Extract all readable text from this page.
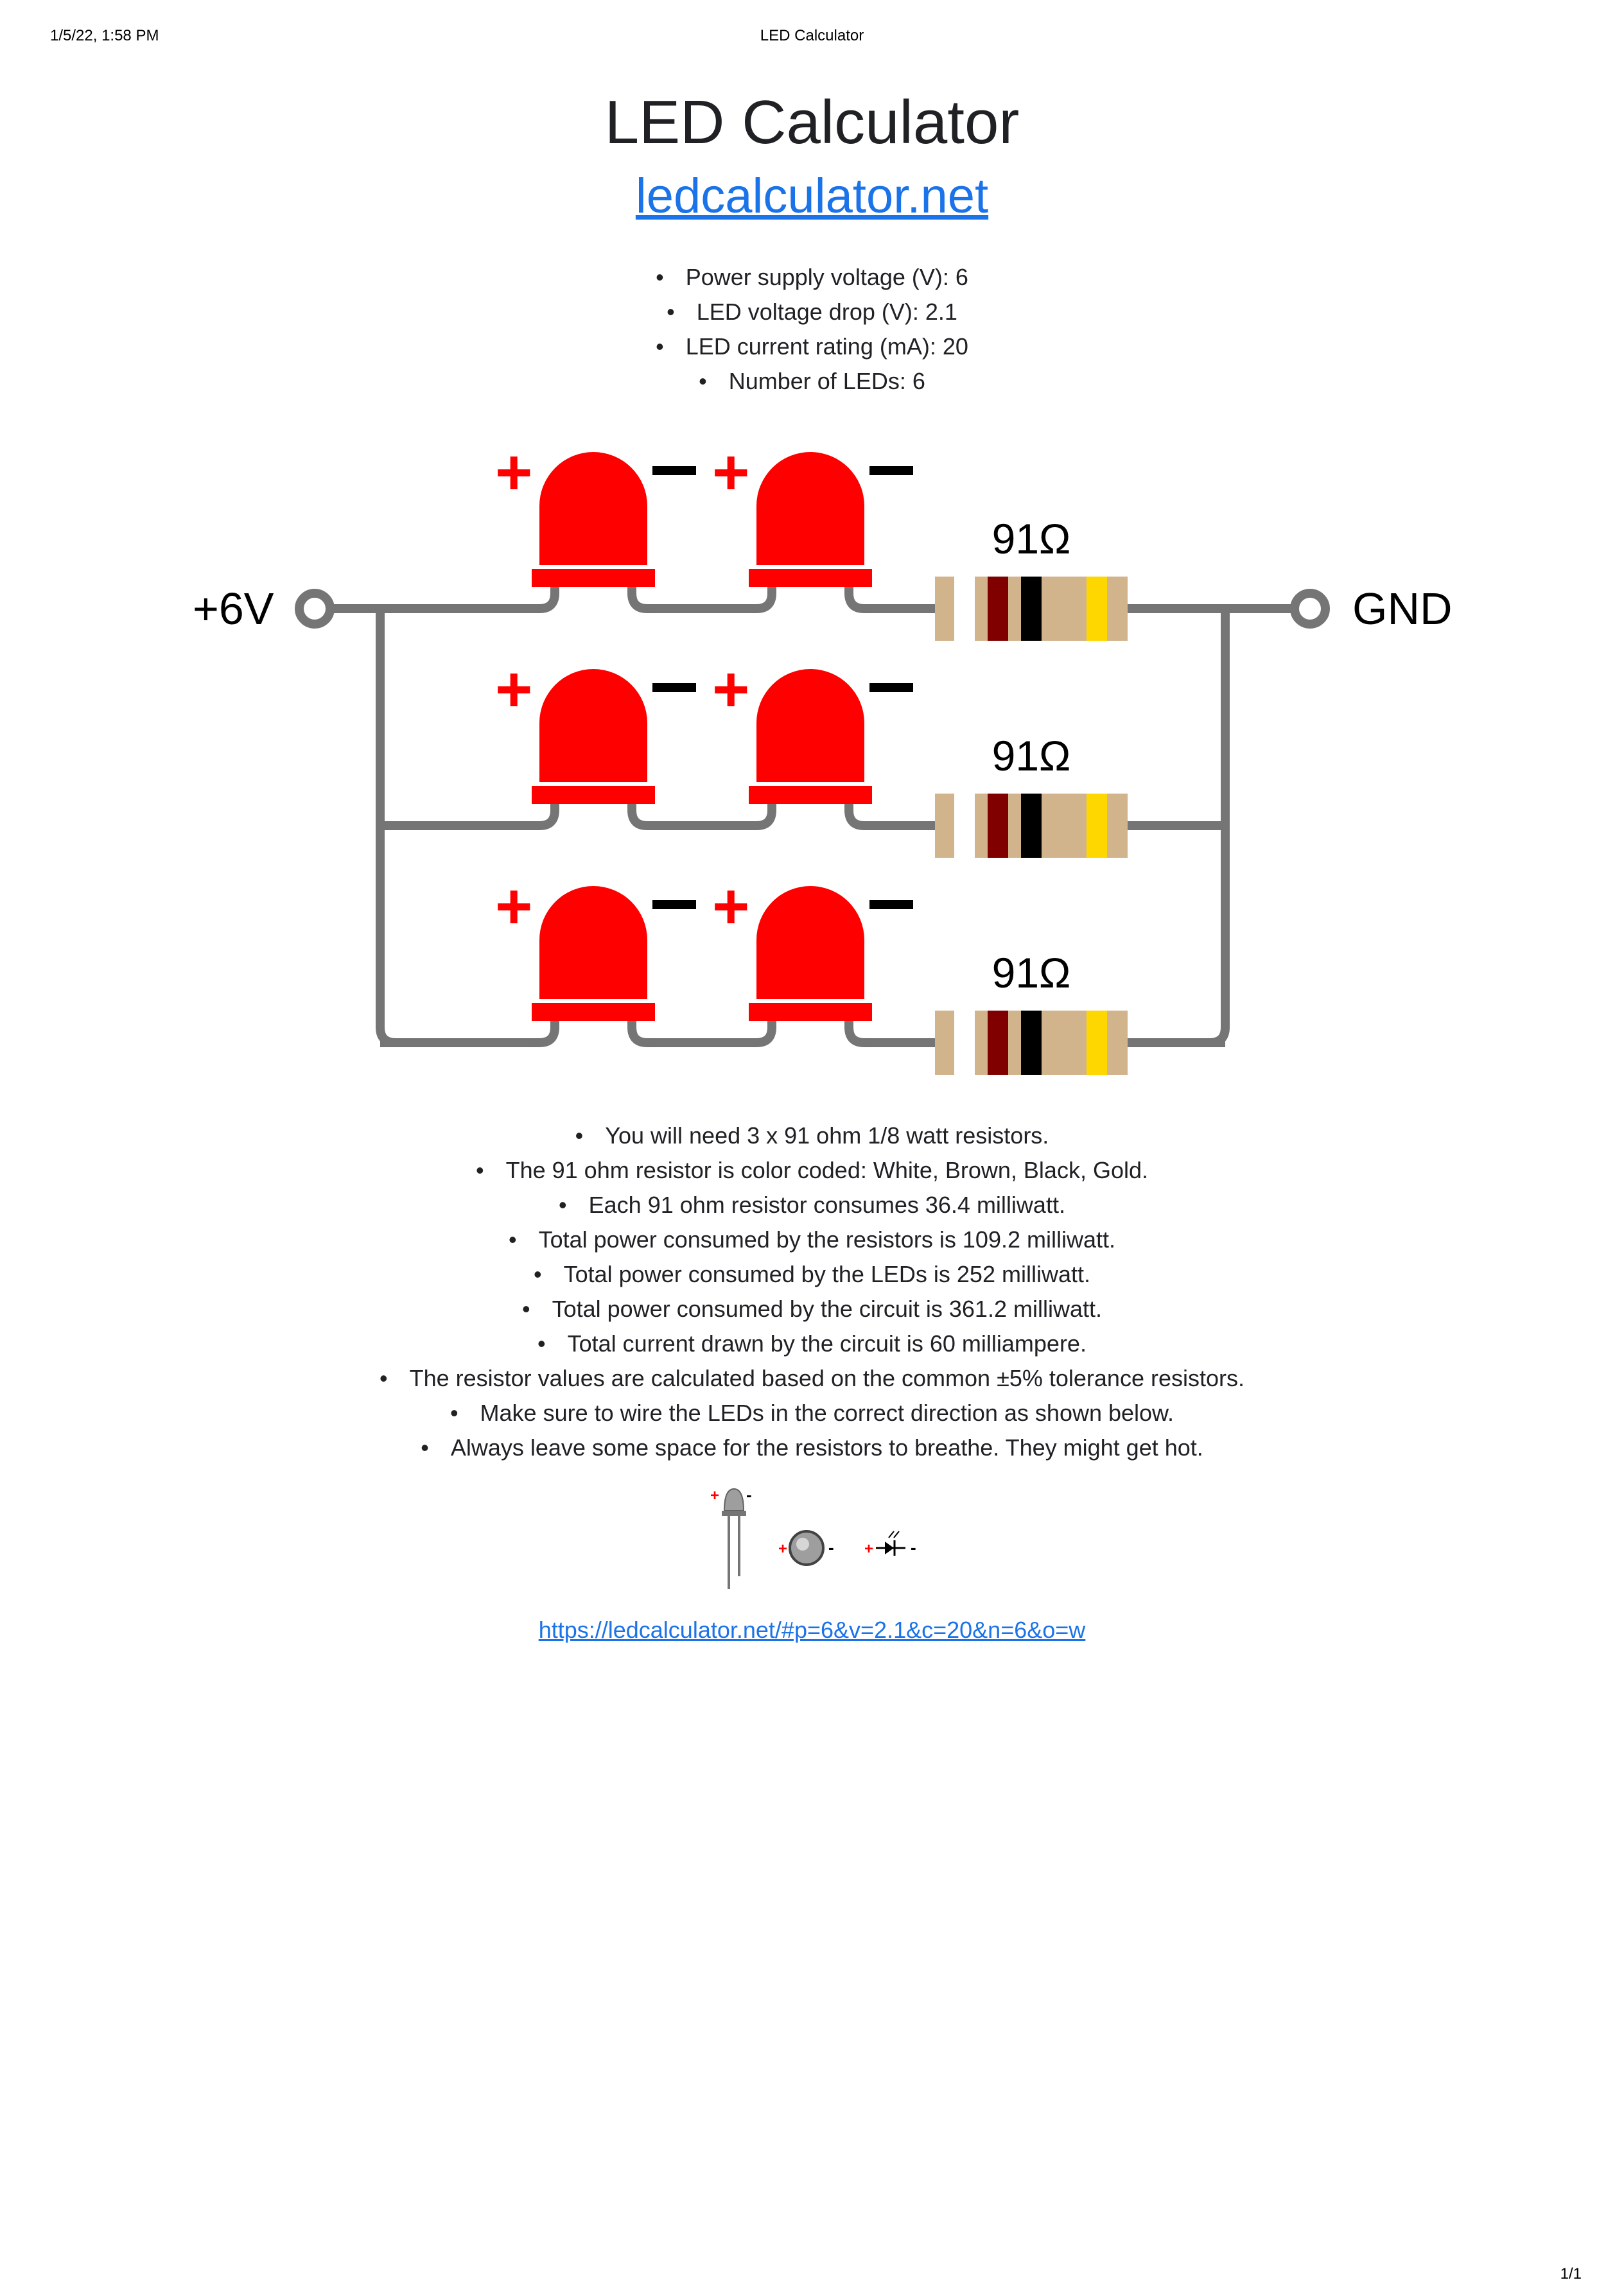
1/5/22, 1:58 PM	LED Calculator
LED Calculator
ledcalculator.net
• Power supply voltage (V): 6
• LED voltage drop (V): 2.1
• LED current rating (mA): 20
• Number of LEDs: 6
+6V	GND
+	+
91Ω
+	+
91Ω
+	+
91Ω
• You will need 3 x 91 ohm 1/8 watt resistors.
• The 91 ohm resistor is color coded: White, Brown, Black, Gold.
• Each 91 ohm resistor consumes 36.4 milliwatt.
• Total power consumed by the resistors is 109.2 milliwatt.
• Total power consumed by the LEDs is 252 milliwatt.
• Total power consumed by the circuit is 361.2 milliwatt.
• Total current drawn by the circuit is 60 milliampere.
• The resistor values are calculated based on the common ±5% tolerance resistors.
• Make sure to wire the LEDs in the correct direction as shown below.
• Always leave some space for the resistors to breathe. They might get hot.
+ -
+ - + -
https://ledcalculator.net/#p=6&v=2.1&c=20&n=6&o=w
1/1
